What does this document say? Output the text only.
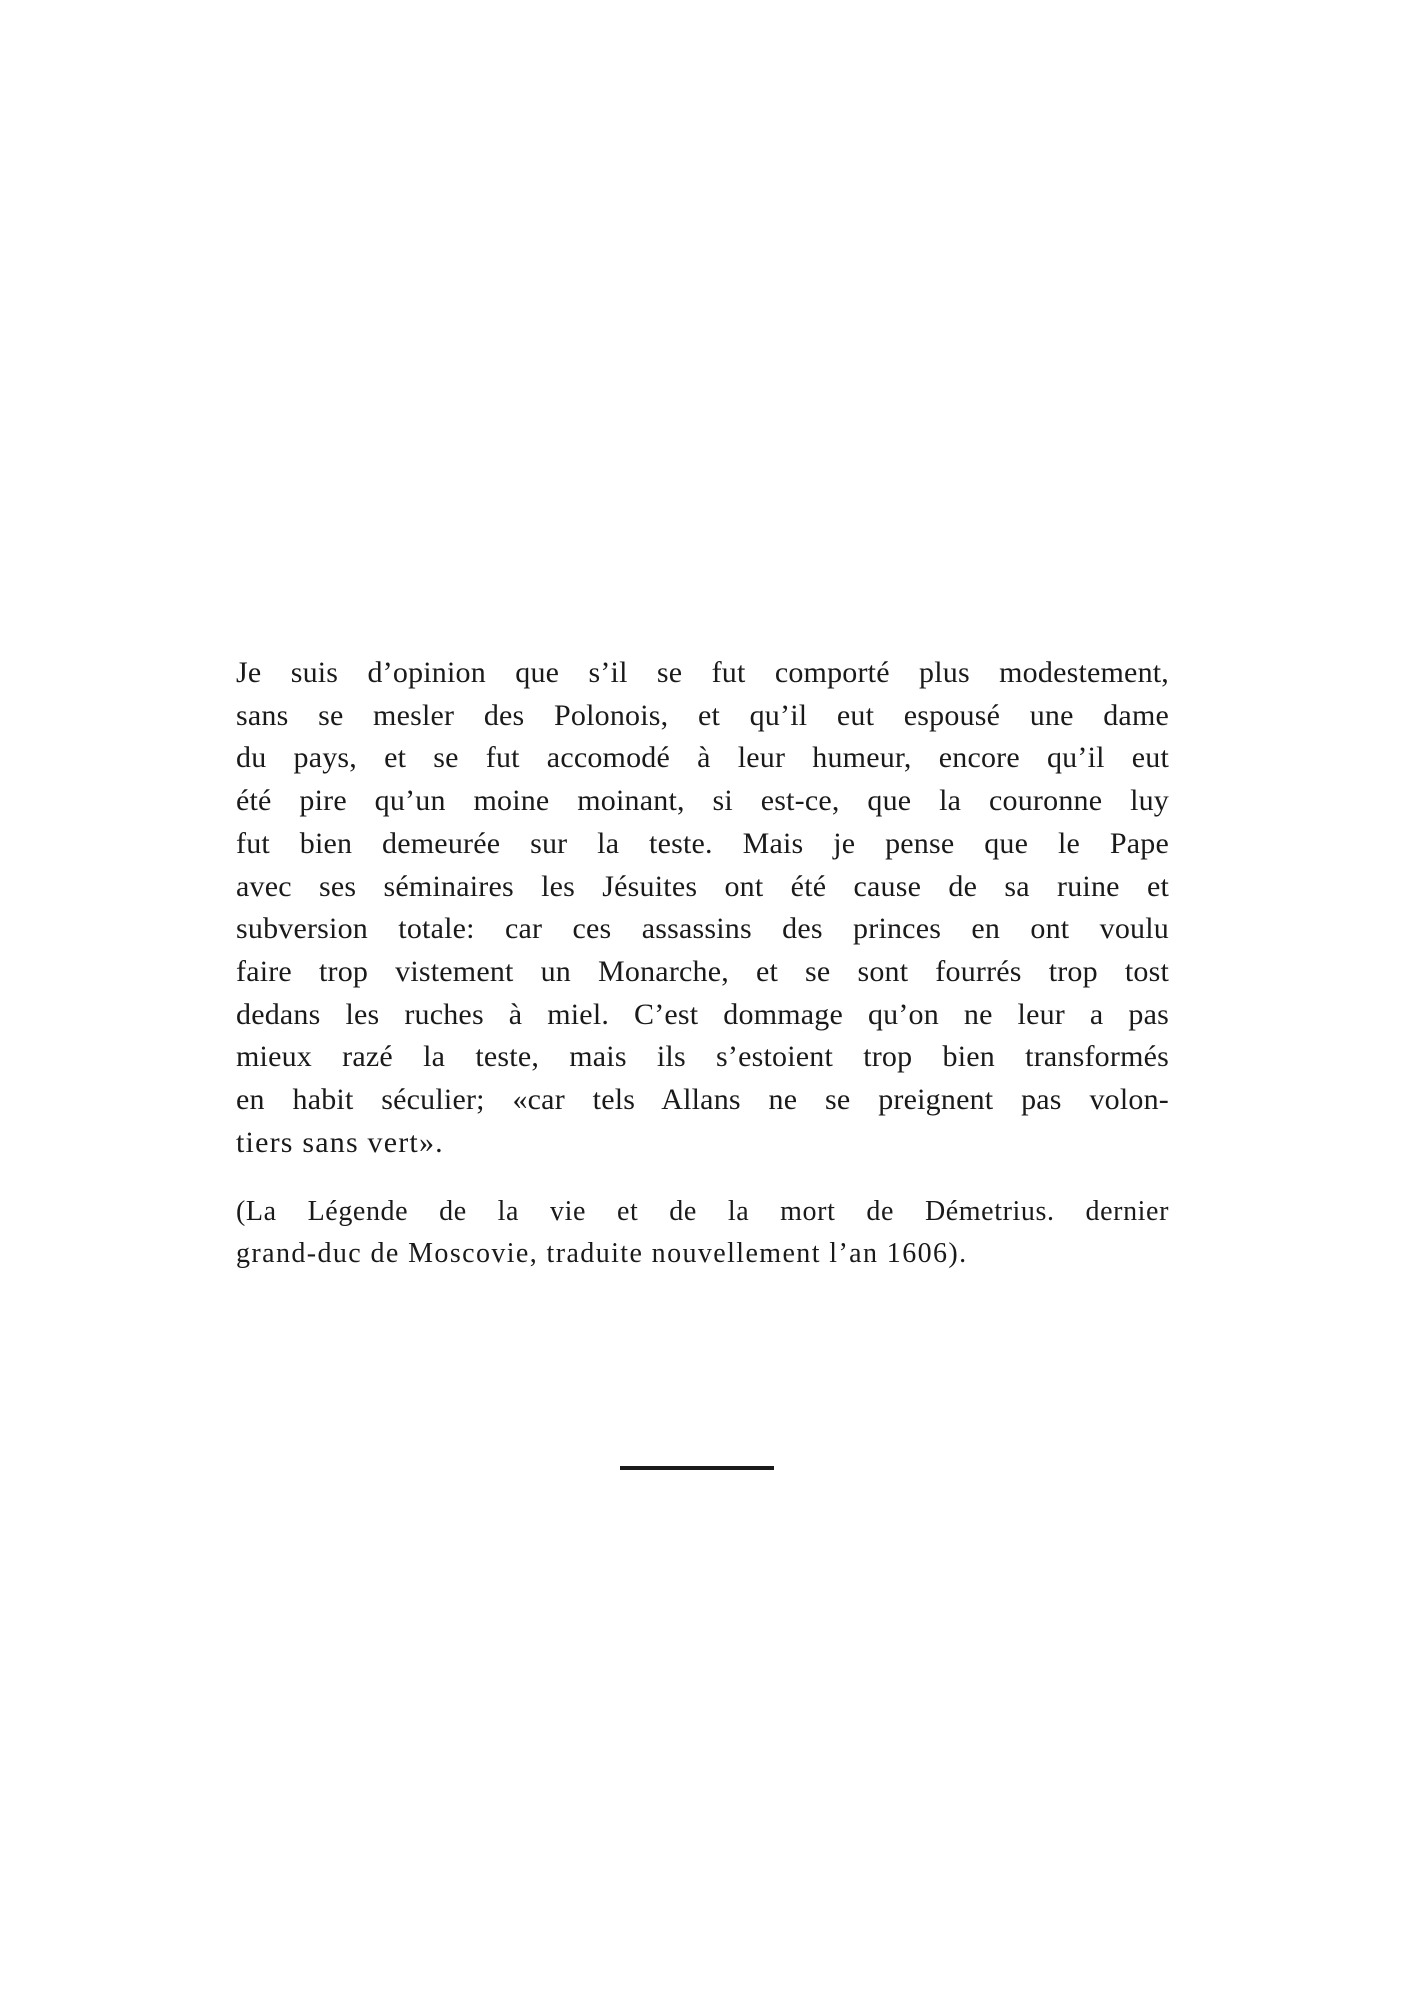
Je suis d’opinion que s’il se fut comporté plus modestement,
sans se mesler des Polonois, et qu’il eut espousé une dame
du pays, et se fut accomodé à leur humeur, encore qu’il eut
été pire qu’un moine moinant, si est-ce, que la couronne luy
fut bien demeurée sur la teste. Mais je pense que le Pape
avec ses séminaires les Jésuites ont été cause de sa ruine et
subversion totale: car ces assassins des princes en ont voulu
faire trop vistement un Monarche, et se sont fourrés trop tost
dedans les ruches à miel. C’est dommage qu’on ne leur a pas
mieux razé la teste, mais ils s’estoient trop bien transformés
en habit séculier; «car tels Allans ne se preignent pas volon-
tiers sans vert».
(La Légende de la vie et de la mort de Démetrius. dernier
grand-duc de Moscovie, traduite nouvellement l’an 1606).
